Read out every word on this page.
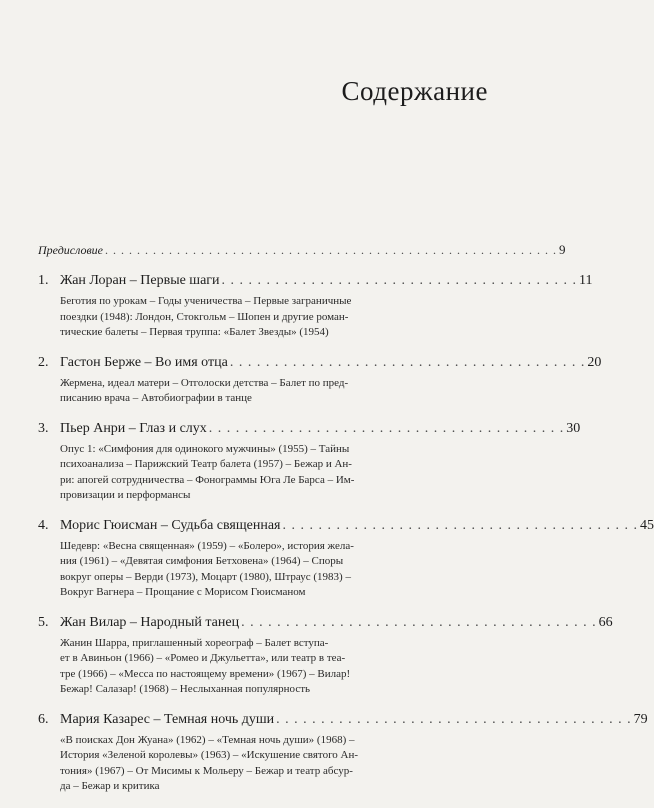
Содержание
Предисловие . . . . . . . . . . . . . . . . . . . . . . . . . . . . . . . . . . . . . . . . . . . . . . . . . . . . . . . . . 9
1. Жан Лоран – Первые шаги . . . . . . . . . . . . . . . . . . . . . . . . . . . . . . . . . . . . . . . . 11
Беготия по урокам – Годы ученичества – Первые заграничные
поездки (1948): Лондон, Стокгольм – Шопен и другие роман-
тические балеты – Первая труппа: «Балет Звезды» (1954)
2. Гастон Берже – Во имя отца . . . . . . . . . . . . . . . . . . . . . . . . . . . . . . . . . . . . . . . . 20
Жермена, идеал матери – Отголоски детства – Балет по пред-
писанию врача – Автобиографии в танце
3. Пьер Анри – Глаз и слух . . . . . . . . . . . . . . . . . . . . . . . . . . . . . . . . . . . . . . . . 30
Опус 1: «Симфония для одинокого мужчины» (1955) – Тайны
психоанализа – Парижский Театр балета (1957) – Бежар и Ан-
ри: апогей сотрудничества – Фонограммы Юга Ле Барса – Им-
провизации и перформансы
4. Морис Гюисман – Судьба священная . . . . . . . . . . . . . . . . . . . . . . . . . . . . . . . . . . . . . . . . 45
Шедевр: «Весна священная» (1959) – «Болеро», история жела-
ния (1961) – «Девятая симфония Бетховена» (1964) – Споры
вокруг оперы – Верди (1973), Моцарт (1980), Штраус (1983) –
Вокруг Вагнера – Прощание с Морисом Гюисманом
5. Жан Вилар – Народный танец . . . . . . . . . . . . . . . . . . . . . . . . . . . . . . . . . . . . . . . . 66
Жанин Шарра, приглашенный хореограф – Балет вступа-
ет в Авиньон (1966) – «Ромео и Джульетта», или театр в теа-
тре (1966) – «Месса по настоящему времени» (1967) – Вилар!
Бежар! Салазар! (1968) – Неслыханная популярность
6. Мария Казарес – Темная ночь души . . . . . . . . . . . . . . . . . . . . . . . . . . . . . . . . . . . . . . . . 79
«В поисках Дон Жуана» (1962) – «Темная ночь души» (1968) –
История «Зеленой королевы» (1963) – «Искушение святого Ан-
тония» (1967) – От Мисимы к Мольеру – Бежар и театр абсур-
да – Бежар и критика
